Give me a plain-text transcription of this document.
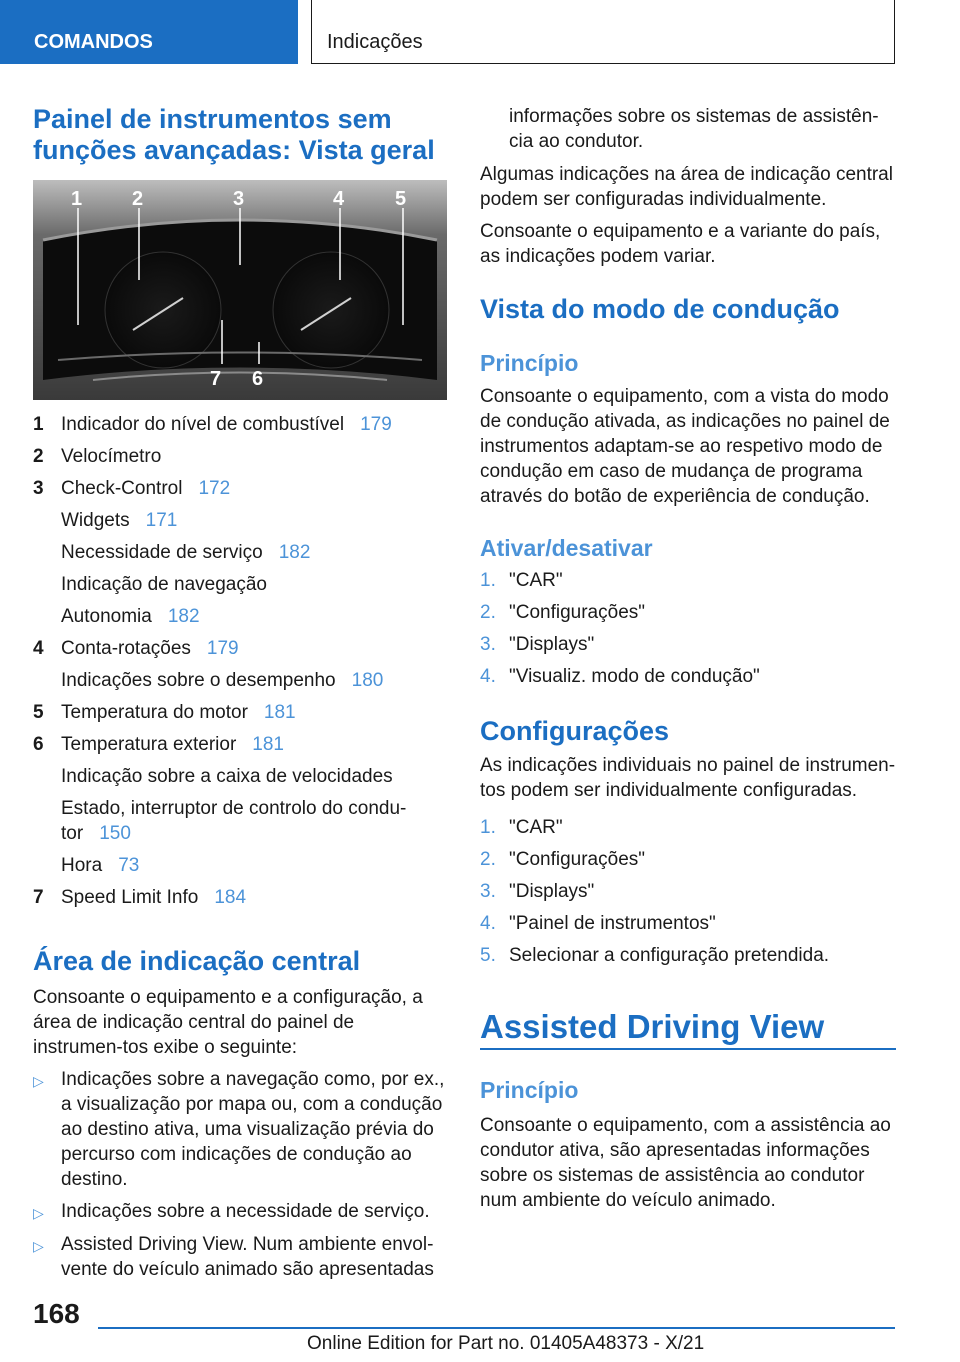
COMANDOS	Indicações
Painel de instrumentos sem
funções avançadas: Vista geral
1 2	3	4	5
7 6
1 Indicador do nível de combustível 179
2 Velocímetro
3 Check-Control 172
Widgets 171
Necessidade de serviço 182
Indicação de navegação
Autonomia 182
4 Conta-rotações 179
Indicações sobre o desempenho 180
5 Temperatura do motor 181
6 Temperatura exterior 181
Indicação sobre a caixa de velocidades
Estado, interruptor de controlo do condu-
tor 150
Hora 73
7 Speed Limit Info 184
Área de indicação central

Consoante o equipamento e a configuração, a área de indicação central do painel de instrumen-tos exibe o seguinte:

▷ Indicações sobre a navegação como, por ex., a visualização por mapa ou, com a condução ao destino ativa, uma visualização prévia do percurso com indicações de condução ao destino.
▷ Indicações sobre a necessidade de serviço.
▷ Assisted Driving View. Num ambiente envol-vente do veículo animado são apresentadas

informações sobre os sistemas de assistên-cia ao condutor.

Algumas indicações na área de indicação central podem ser configuradas individualmente.

Consoante o equipamento e a variante do país, as indicações podem variar.

Vista do modo de condução
Princípio

Consoante o equipamento, com a vista do modo de condução ativada, as indicações no painel de instrumentos adaptam-se ao respetivo modo de condução em caso de mudança de programa através do botão de experiência de condução.

Ativar/desativar
1. "CAR"
2. "Configurações"
3. "Displays"
4. "Visualiz. modo de condução"
Configurações

As indicações individuais no painel de instrumen-tos podem ser individualmente configuradas.

1. "CAR"
2. "Configurações"
3. "Displays"
4. "Painel de instrumentos"
5. Selecionar a configuração pretendida.
Assisted Driving View
Princípio

Consoante o equipamento, com a assistência ao condutor ativa, são apresentadas informações sobre os sistemas de assistência ao condutor num ambiente do veículo animado.

168
Online Edition for Part no. 01405A48373 - X/21
